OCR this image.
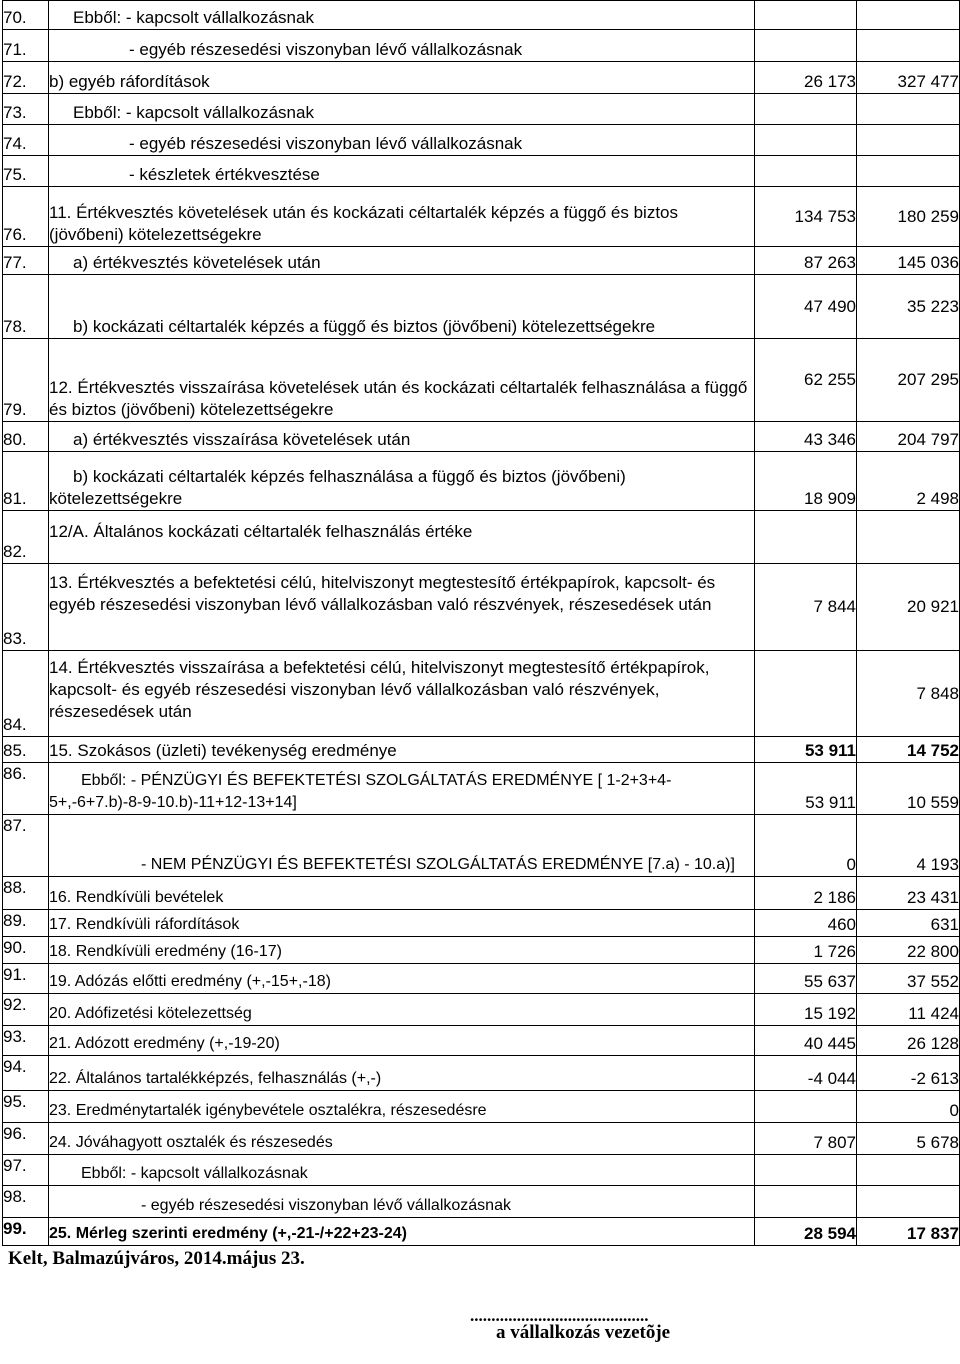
70.	Ebből: - kapcsolt vállalkozásnak		

71.	- egyéb részesedési viszonyban lévő vállalkozásnak		

72.	b) egyéb ráfordítások	26 173	327 477
73.	Ebből: - kapcsolt vállalkozásnak		

74.	- egyéb részesedési viszonyban lévő vállalkozásnak		

75.	- készletek értékvesztése		

76.	11. Értékvesztés követelések után és kockázati céltartalék képzés a függő és biztos (jövőbeni) kötelezettségekre	134 753	180 259
77.	a) értékvesztés követelések után	87 263	145 036
78.	b) kockázati céltartalék képzés a függő és biztos (jövőbeni) kötelezettségekre	47 490	35 223
79.	12. Értékvesztés visszaírása követelések után és kockázati céltartalék felhasználása a függő és biztos (jövőbeni) kötelezettségekre	62 255	207 295
80.	a) értékvesztés visszaírása követelések után	43 346	204 797
81.	b) kockázati céltartalék képzés felhasználása a függő és biztos (jövőbeni) kötelezettségekre	18 909	2 498
82.	12/A. Általános kockázati céltartalék felhasználás értéke		
83.	13. Értékvesztés a befektetési célú, hitelviszonyt megtestesítő értékpapírok, kapcsolt- és egyéb részesedési viszonyban lévő vállalkozásban való részvények, részesedések után	7 844	20 921
84.	14. Értékvesztés visszaírása a befektetési célú, hitelviszonyt megtestesítő értékpapírok, kapcsolt- és egyéb részesedési viszonyban lévő vállalkozásban való részvények, részesedések után		7 848
85.	15. Szokásos (üzleti) tevékenység eredménye	53 911	14 752
86.	Ebből: - PÉNZÜGYI ÉS BEFEKTETÉSI SZOLGÁLTATÁS EREDMÉNYE [ 1-2+3+4-5+,-6+7.b)-8-9-10.b)-11+12-13+14]	53 911	10 559
87.	- NEM PÉNZÜGYI ÉS BEFEKTETÉSI SZOLGÁLTATÁS EREDMÉNYE [7.a) - 10.a)]	0	4 193
88.	16. Rendkívüli bevételek	2 186	23 431
89.	17. Rendkívüli ráfordítások	460	631
90.	18. Rendkívüli eredmény (16-17)	1 726	22 800
91.	19. Adózás előtti eredmény (+,-15+,-18)	55 637	37 552
92.	20. Adófizetési kötelezettség	15 192	11 424
93.	21. Adózott eredmény (+,-19-20)	40 445	26 128
94.	22. Általános tartalékképzés, felhasználás (+,-)	-4 044	-2 613
95.	23. Eredménytartalék igénybevétele osztalékra, részesedésre		0
96.	24. Jóváhagyott osztalék és részesedés	7 807	5 678
97.	Ebből: - kapcsolt vállalkozásnak		
98.	- egyéb részesedési viszonyban lévő vállalkozásnak		
99.	25. Mérleg szerinti eredmény (+,-21-/+22+23-24)	28 594	17 837
Kelt, Balmazújváros, 2014.május 23.
..........................................
a vállalkozás vezetõje
